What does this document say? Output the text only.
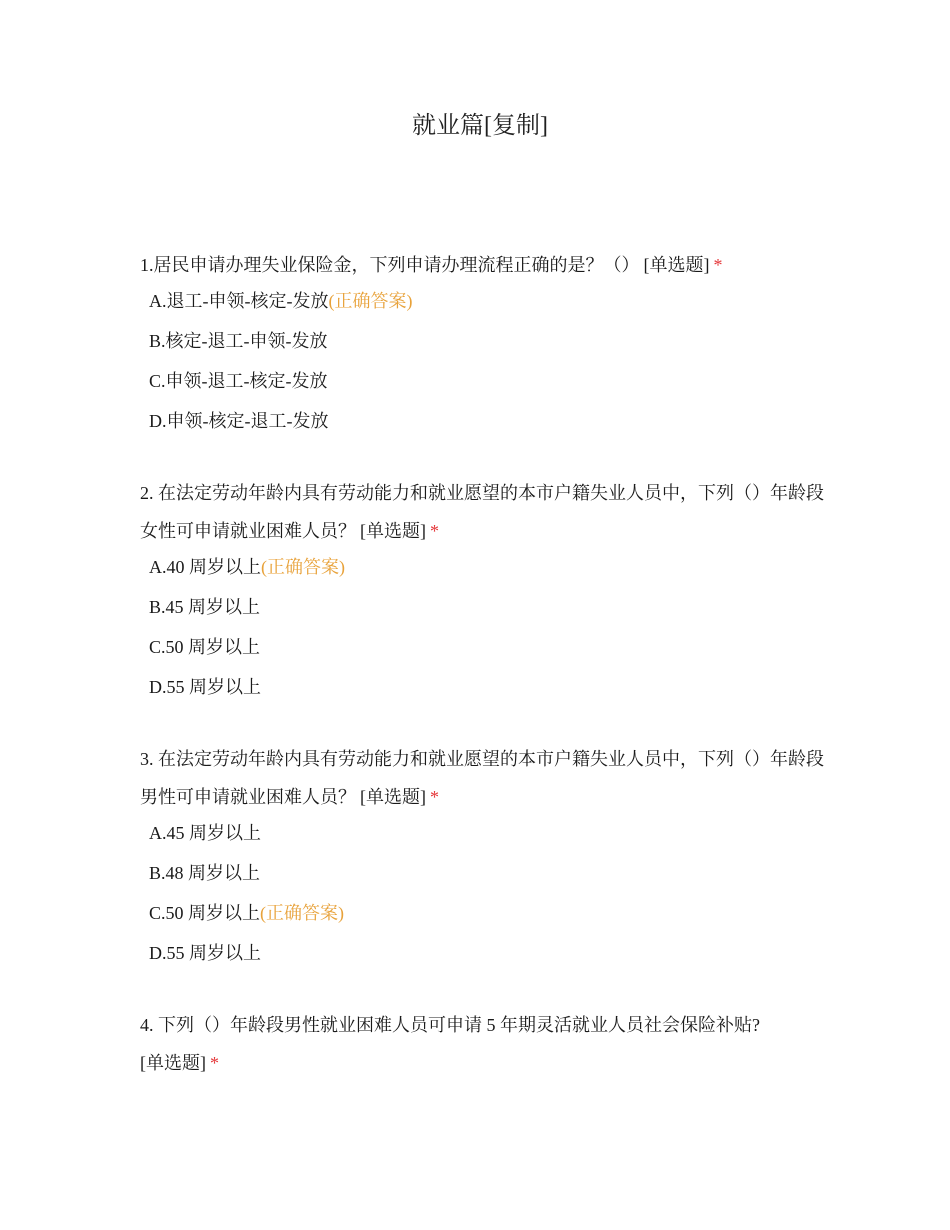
就业篇[复制]
1.居民申请办理失业保险金，下列申请办理流程正确的是？（） [单选题] *
A.退工-申领-核定-发放(正确答案)
B.核定-退工-申领-发放
C.申领-退工-核定-发放
D.申领-核定-退工-发放
2. 在法定劳动年龄内具有劳动能力和就业愿望的本市户籍失业人员中，下列（）年龄段女性可申请就业困难人员？ [单选题] *
A.40 周岁以上(正确答案)
B.45 周岁以上
C.50 周岁以上
D.55 周岁以上
3. 在法定劳动年龄内具有劳动能力和就业愿望的本市户籍失业人员中，下列（）年龄段男性可申请就业困难人员？ [单选题] *
A.45 周岁以上
B.48 周岁以上
C.50 周岁以上(正确答案)
D.55 周岁以上
4. 下列（）年龄段男性就业困难人员可申请 5 年期灵活就业人员社会保险补贴?
[单选题] *
